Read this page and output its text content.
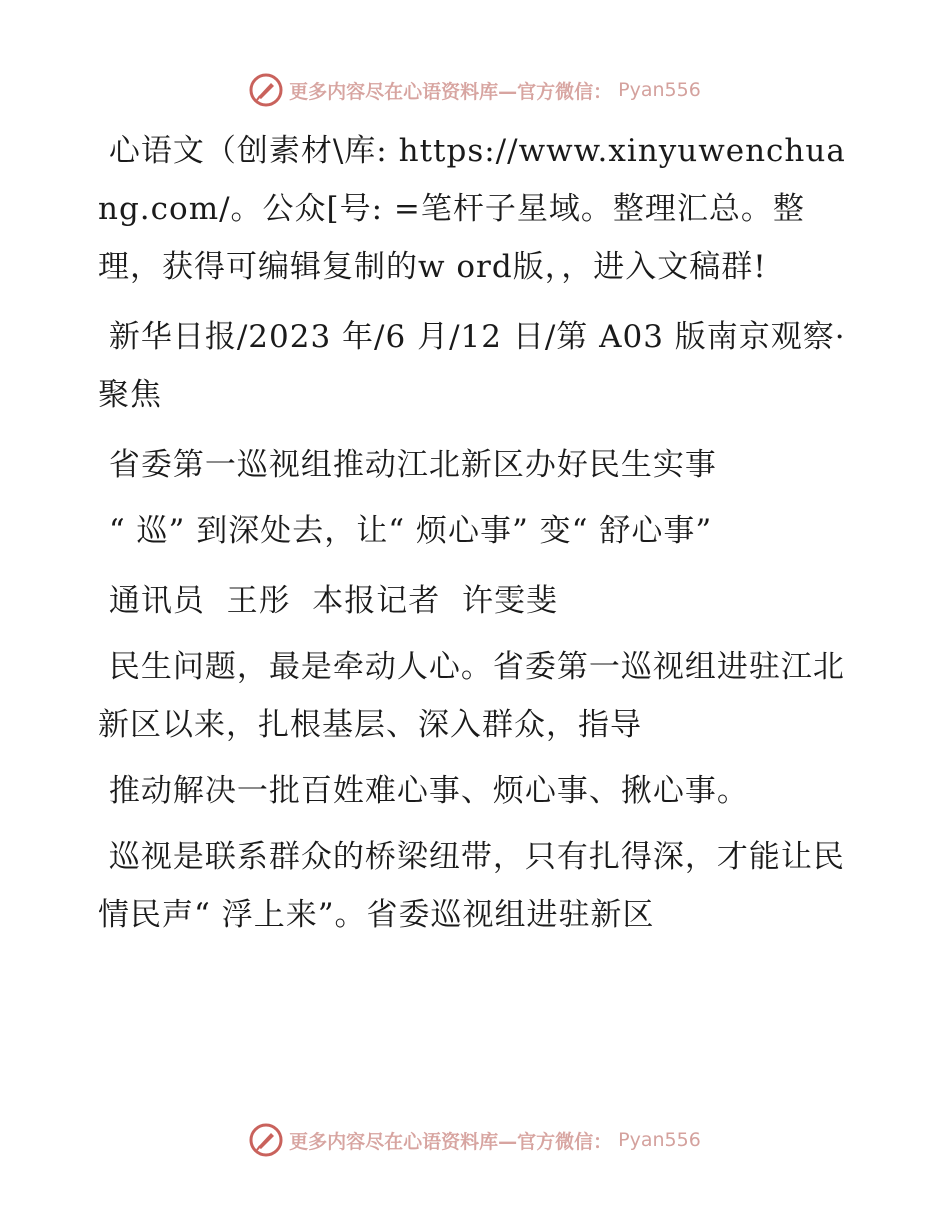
更多内容尽在心语资料库—官方微信： Pyan556

心语文（创素材\库: https://www.xinyuwenchuang.com/。公众[号: =笔杆子星域。整理汇总。整理，获得可编辑复制的w ord版，，进入文稿群!

新华日报/2023 年/6 月/12 日/第 A03 版南京观察· 聚焦

省委第一巡视组推动江北新区办好民生实事

“ 巡” 到深处去，让“ 烦心事” 变“ 舒心事”

通讯员  王彤  本报记者  许雯斐

民生问题，最是牵动人心。省委第一巡视组进驻江北新区以来，扎根基层、深入群众，指导

推动解决一批百姓难心事、烦心事、揪心事。

巡视是联系群众的桥梁纽带，只有扎得深，才能让民情民声“ 浮上来”。省委巡视组进驻新区

更多内容尽在心语资料库—官方微信： Pyan556
